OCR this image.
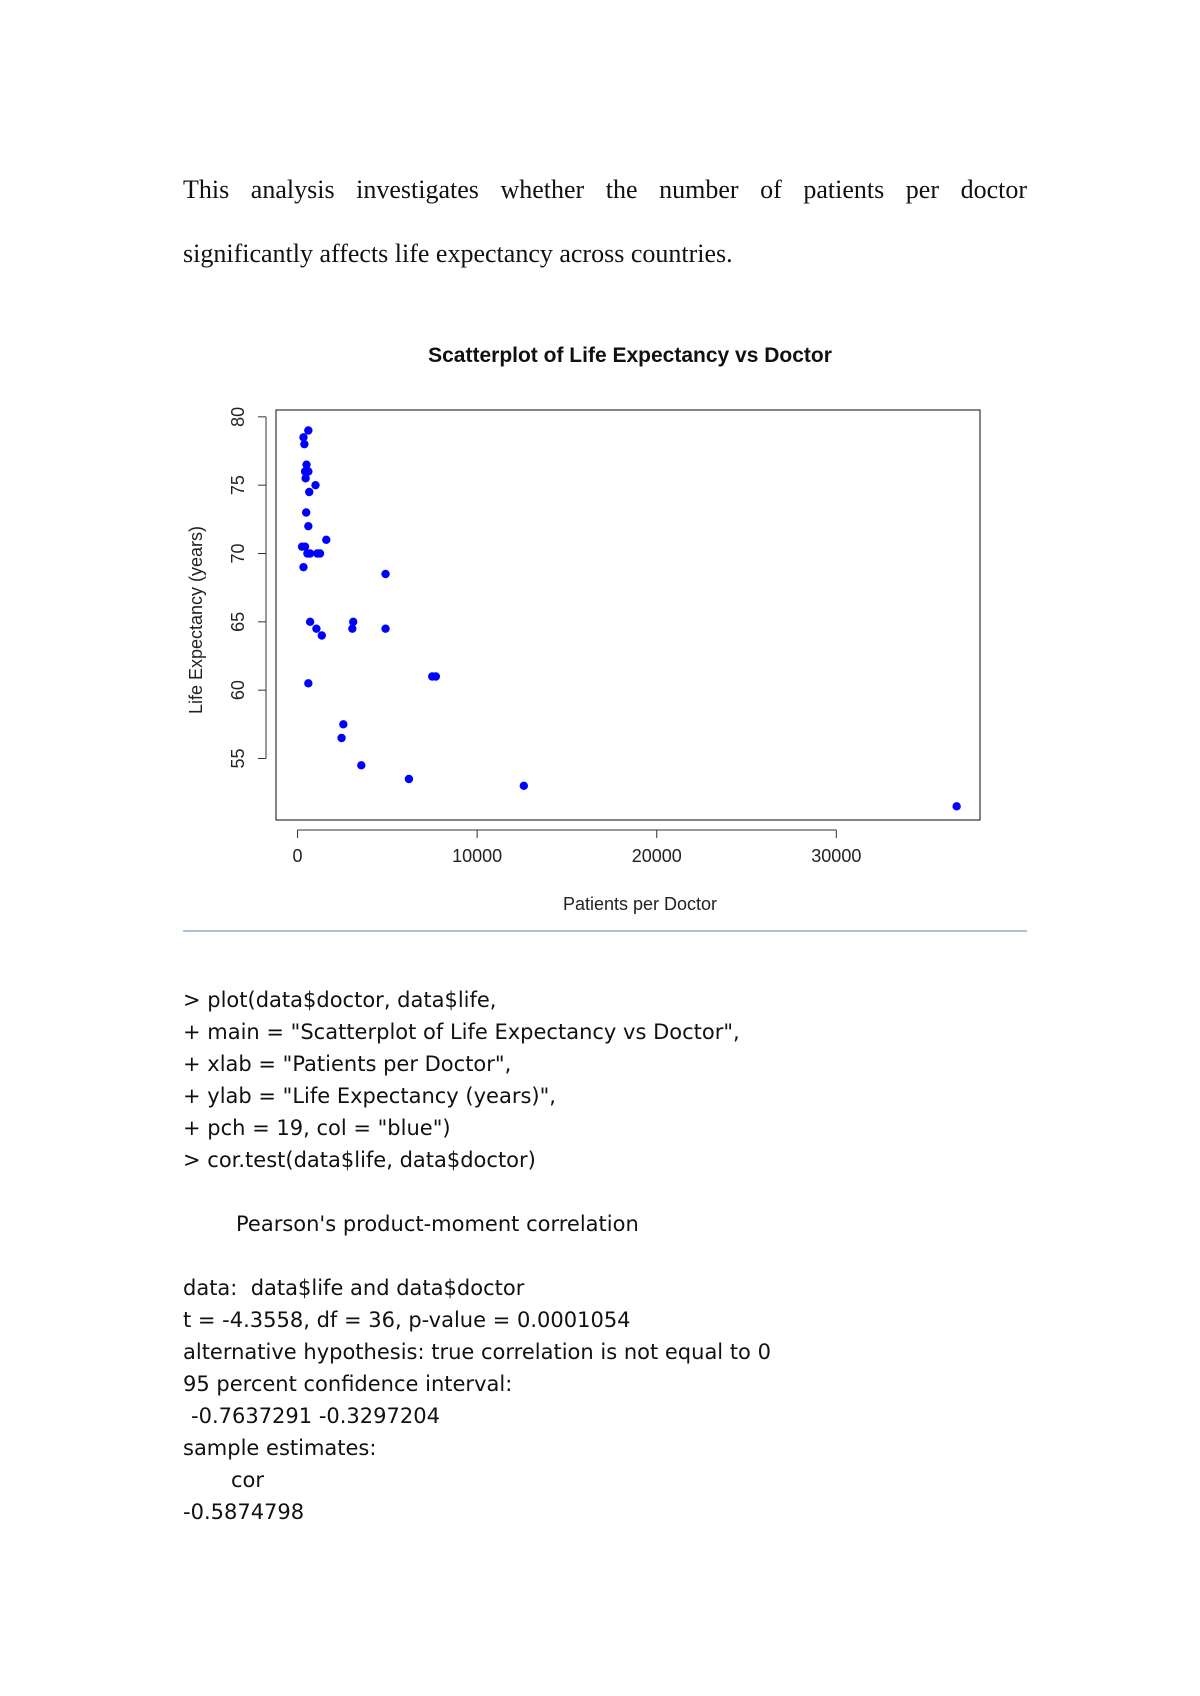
This analysis investigates whether the number of patients per doctor significantly affects life expectancy across countries.

Scatterplot of Life Expectancy vs Doctor
0	10000	20000	30000
55
60
65
70
75
80
Patients per Doctor
Life Expectancy (years)
> plot(data$doctor, data$life,
+ main = "Scatterplot of Life Expectancy vs Doctor",
+ xlab = "Patients per Doctor",
+ ylab = "Life Expectancy (years)",
+ pch = 19, col = "blue")
> cor.test(data$life, data$doctor)
Pearson's product-moment correlation
data:  data$life and data$doctor
t = -4.3558, df = 36, p-value = 0.0001054
alternative hypothesis: true correlation is not equal to 0
95 percent confidence interval:
-0.7637291 -0.3297204
sample estimates:
cor
-0.5874798
